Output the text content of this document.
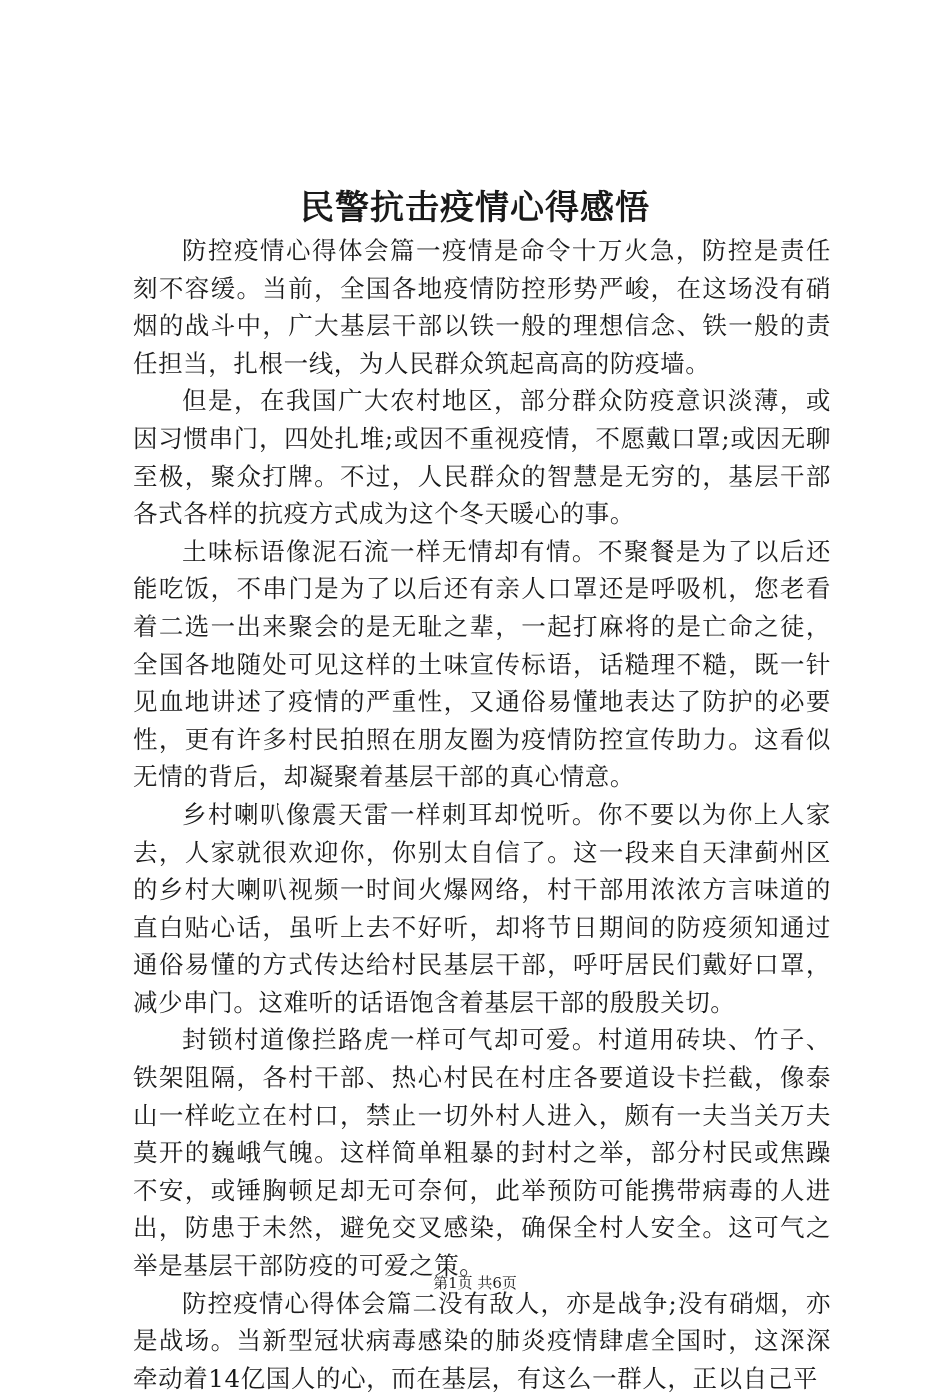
民警抗击疫情心得感悟

防控疫情心得体会篇一疫情是命令十万火急，防控是责任刻不容缓。当前，全国各地疫情防控形势严峻，在这场没有硝烟的战斗中，广大基层干部以铁一般的理想信念、铁一般的责任担当，扎根一线，为人民群众筑起高高的防疫墙。

但是，在我国广大农村地区，部分群众防疫意识淡薄，或因习惯串门，四处扎堆;或因不重视疫情，不愿戴口罩;或因无聊至极，聚众打牌。不过，人民群众的智慧是无穷的，基层干部各式各样的抗疫方式成为这个冬天暖心的事。

土味标语像泥石流一样无情却有情。不聚餐是为了以后还能吃饭，不串门是为了以后还有亲人口罩还是呼吸机，您老看着二选一出来聚会的是无耻之辈，一起打麻将的是亡命之徒，全国各地随处可见这样的土味宣传标语，话糙理不糙，既一针见血地讲述了疫情的严重性，又通俗易懂地表达了防护的必要性，更有许多村民拍照在朋友圈为疫情防控宣传助力。这看似无情的背后，却凝聚着基层干部的真心情意。

乡村喇叭像震天雷一样刺耳却悦听。你不要以为你上人家去，人家就很欢迎你，你别太自信了。这一段来自天津蓟州区的乡村大喇叭视频一时间火爆网络，村干部用浓浓方言味道的直白贴心话，虽听上去不好听，却将节日期间的防疫须知通过通俗易懂的方式传达给村民基层干部，呼吁居民们戴好口罩，减少串门。这难听的话语饱含着基层干部的殷殷关切。

封锁村道像拦路虎一样可气却可爱。村道用砖块、竹子、铁架阻隔，各村干部、热心村民在村庄各要道设卡拦截，像泰山一样屹立在村口，禁止一切外村人进入，颇有一夫当关万夫莫开的巍峨气魄。这样简单粗暴的封村之举，部分村民或焦躁不安，或锤胸顿足却无可奈何，此举预防可能携带病毒的人进出，防患于未然，避免交叉感染，确保全村人安全。这可气之举是基层干部防疫的可爱之策。

防控疫情心得体会篇二没有敌人，亦是战争;没有硝烟，亦是战场。当新型冠状病毒感染的肺炎疫情肆虐全国时，这深深牵动着14亿国人的心，而在基层，有这么一群人，正以自己平

第1页 共6页
